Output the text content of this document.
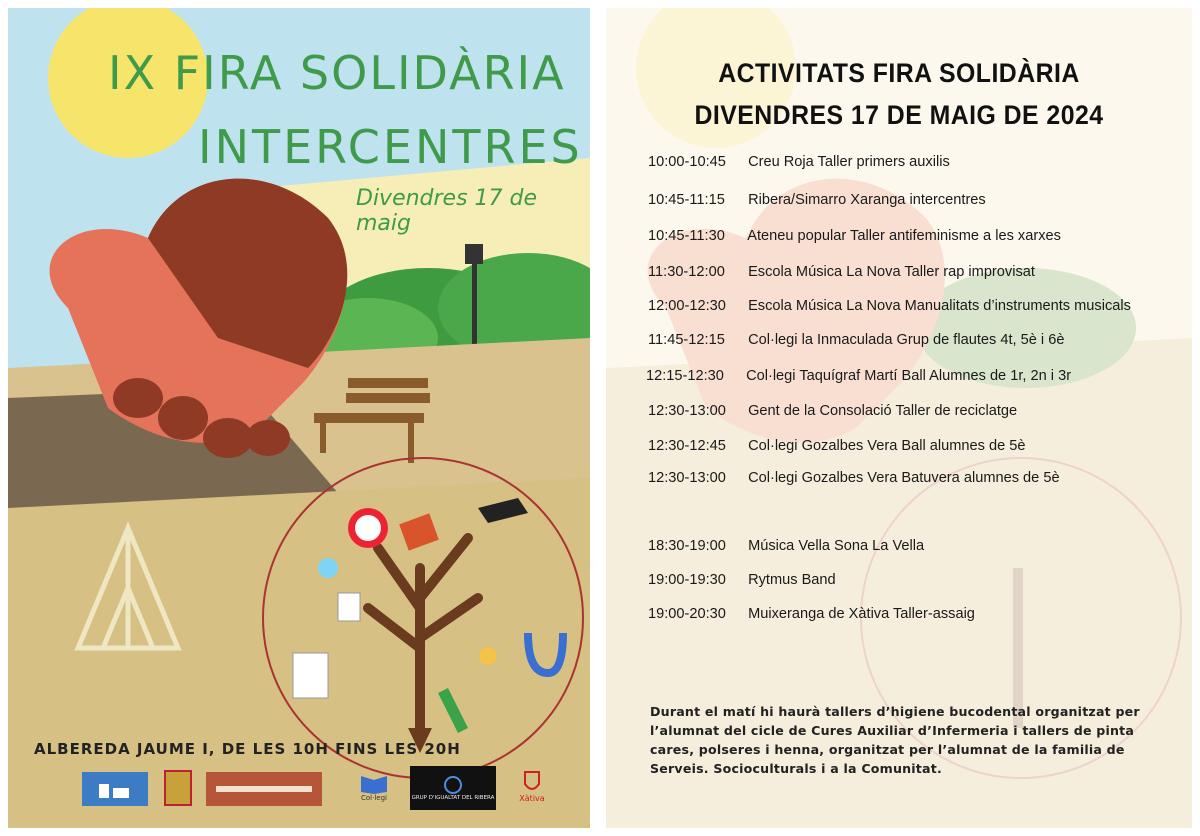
IX FIRA SOLIDÀRIA
INTERCENTRES
Divendres 17 de maig
ALBEREDA JAUME I, DE LES 10H FINS LES 20H
Col·legi	GRUP D'IGUALTAT DEL RIBERA	Xàtiva
ACTIVITATS FIRA SOLIDÀRIA
DIVENDRES 17 DE MAIG DE 2024
10:00-10:45 Creu Roja Taller primers auxilis
10:45-11:15 Ribera/Simarro Xaranga intercentres
10:45-11:30 Ateneu popular Taller antifeminisme a les xarxes
11:30-12:00 Escola Música La Nova Taller rap improvisat
12:00-12:30 Escola Música La Nova Manualitats d’instruments musicals
11:45-12:15 Col·legi la Inmaculada Grup de flautes 4t, 5è i 6è
12:15-12:30 Col·legi Taquígraf Martí Ball Alumnes de 1r, 2n i 3r
12:30-13:00 Gent de la Consolació Taller de reciclatge
12:30-12:45 Col·legi Gozalbes Vera Ball alumnes de 5è
12:30-13:00 Col·legi Gozalbes Vera Batuvera alumnes de 5è
18:30-19:00 Música Vella Sona La Vella
19:00-19:30 Rytmus Band
19:00-20:30 Muixeranga de Xàtiva Taller-assaig
Durant el matí hi haurà tallers d’higiene bucodental organitzat per l’alumnat del cicle de Cures Auxiliar d’Infermeria i tallers de pinta cares, polseres i henna, organitzat per l’alumnat de la familia de Serveis. Socioculturals i a la Comunitat.
